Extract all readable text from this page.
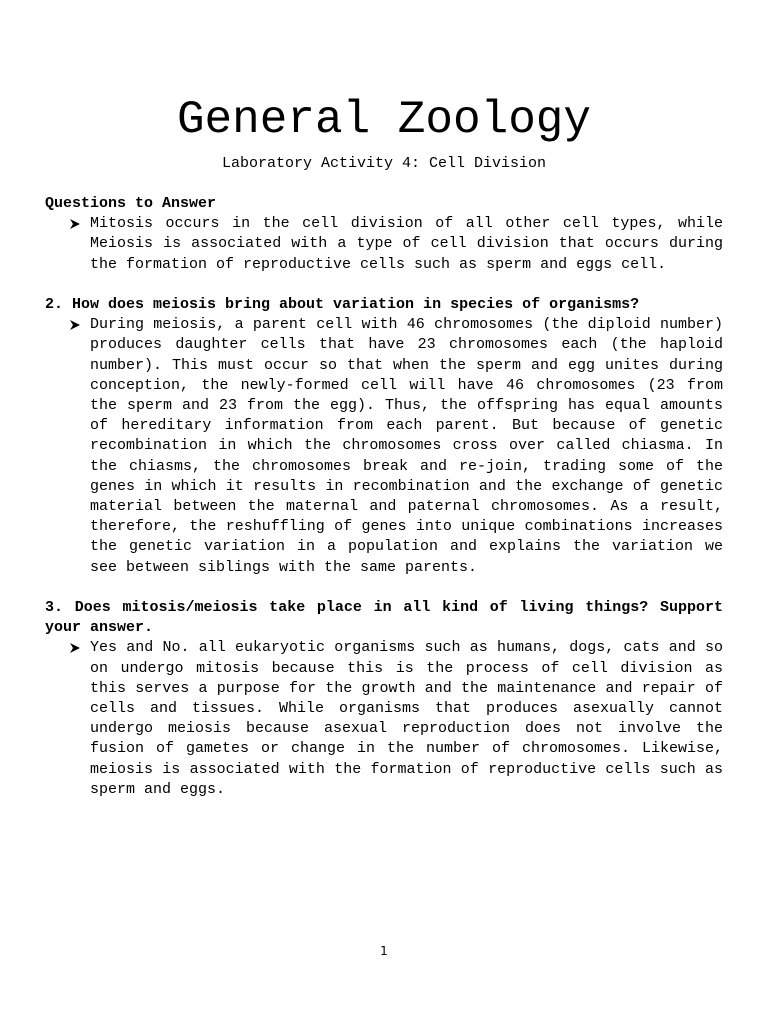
General Zoology
Laboratory Activity 4: Cell Division

Questions to Answer

Mitosis occurs in the cell division of all other cell types, while Meiosis is associated with a type of cell division that occurs during the formation of reproductive cells such as sperm and eggs cell.

2. How does meiosis bring about variation in species of organisms?

During meiosis, a parent cell with 46 chromosomes (the diploid number) produces daughter cells that have 23 chromosomes each (the haploid number). This must occur so that when the sperm and egg unites during conception, the newly-formed cell will have 46 chromosomes (23 from the sperm and 23 from the egg). Thus, the offspring has equal amounts of hereditary information from each parent. But because of genetic recombination in which the chromosomes cross over called chiasma. In the chiasms, the chromosomes break and re-join, trading some of the genes in which it results in recombination and the exchange of genetic material between the maternal and paternal chromosomes. As a result, therefore, the reshuffling of genes into unique combinations increases the genetic variation in a population and explains the variation we see between siblings with the same parents.

3. Does mitosis/meiosis take place in all kind of living things? Support your answer.

Yes and No. all eukaryotic organisms such as humans, dogs, cats and so on undergo mitosis because this is the process of cell division as this serves a purpose for the growth and the maintenance and repair of cells and tissues. While organisms that produces asexually cannot undergo meiosis because asexual reproduction does not involve the fusion of gametes or change in the number of chromosomes. Likewise, meiosis is associated with the formation of reproductive cells such as sperm and eggs.
1
